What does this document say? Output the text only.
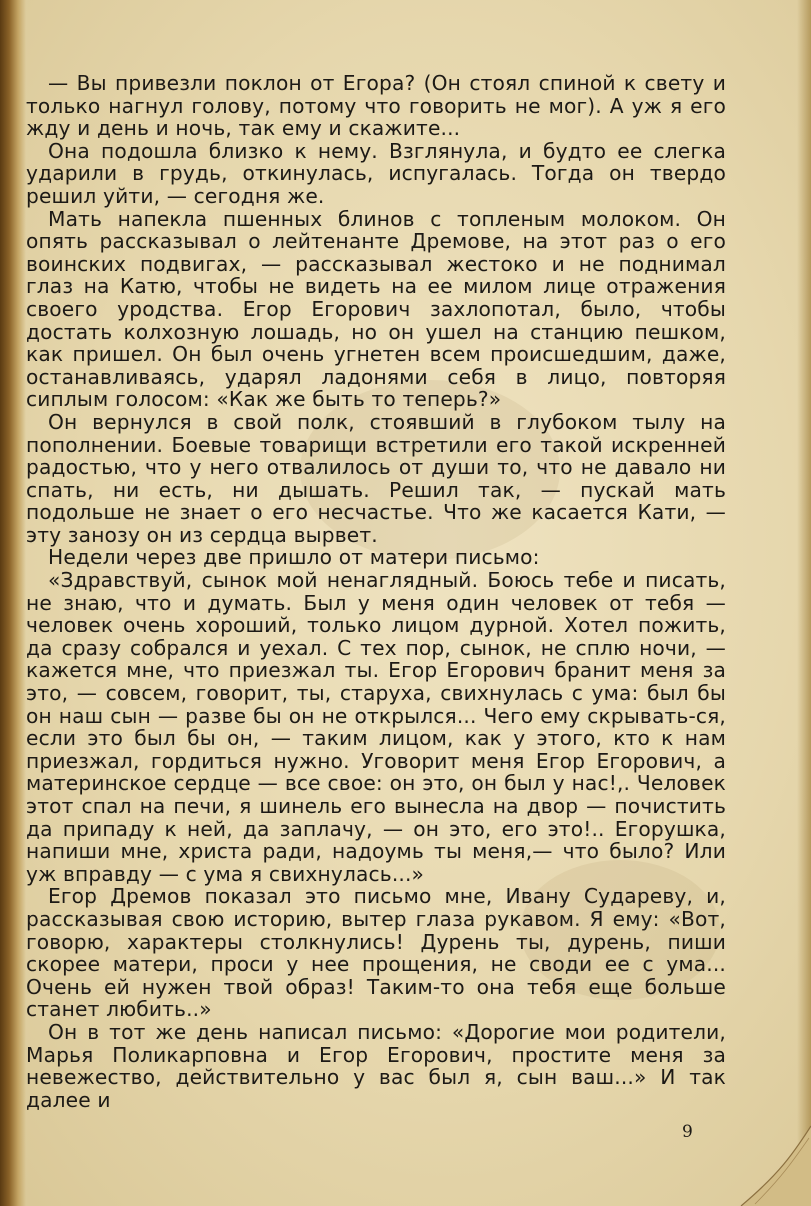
— Вы привезли поклон от Егора? (Он стоял спиной к свету и только нагнул голову, потому что говорить не мог). А уж я его жду и день и ночь, так ему и скажите...

Она подошла близко к нему. Взглянула, и будто ее слегка ударили в грудь, откинулась, испугалась. Тогда он твердо решил уйти, — сегодня же.

Мать напекла пшенных блинов с топленым молоком. Он опять рассказывал о лейтенанте Дремове, на этот раз о его воинских подвигах, — рассказывал жестоко и не поднимал глаз на Катю, чтобы не видеть на ее милом лице отражения своего уродства. Егор Егорович захлопотал, было, чтобы достать колхозную лошадь, но он ушел на станцию пешком, как пришел. Он был очень угнетен всем происшедшим, даже, останавливаясь, ударял ладонями себя в лицо, повторяя сиплым голосом: «Как же быть то теперь?»

Он вернулся в свой полк, стоявший в глубоком тылу на пополнении. Боевые товарищи встретили его такой искренней радостью, что у него отвалилось от души то, что не давало ни спать, ни есть, ни дышать. Решил так, — пускай мать подольше не знает о его несчастье. Что же касается Кати, — эту занозу он из сердца вырвет.

Недели через две пришло от матери письмо:

«Здравствуй, сынок мой ненаглядный. Боюсь тебе и писать, не знаю, что и думать. Был у меня один человек от тебя — человек очень хороший, только лицом дурной. Хотел пожить, да сразу собрался и уехал. С тех пор, сынок, не сплю ночи, — кажется мне, что приезжал ты. Егор Егорович бранит меня за это, — совсем, говорит, ты, старуха, свихнулась с ума: был бы он наш сын — разве бы он не открылся... Чего ему скрывать-ся, если это был бы он, — таким лицом, как у этого, кто к нам приезжал, гордиться нужно. Уговорит меня Егор Егорович, а материнское сердце — все свое: он это, он был у нас!,. Человек этот спал на печи, я шинель его вынесла на двор — почистить да припаду к ней, да заплачу, — он это, его это!.. Егорушка, напиши мне, христа ради, надоумь ты меня,— что было? Или уж вправду — с ума я свихнулась...»

Егор Дремов показал это письмо мне, Ивану Судареву, и, рассказывая свою историю, вытер глаза рукавом. Я ему: «Вот, говорю, характеры столкнулись! Дурень ты, дурень, пиши скорее матери, проси у нее прощения, не своди ее с ума... Очень ей нужен твой образ! Таким-то она тебя еще больше станет любить..»

Он в тот же день написал письмо: «Дорогие мои родители, Марья Поликарповна и Егор Егорович, простите меня за невежество, действительно у вас был я, сын ваш...» И так далее и

9
